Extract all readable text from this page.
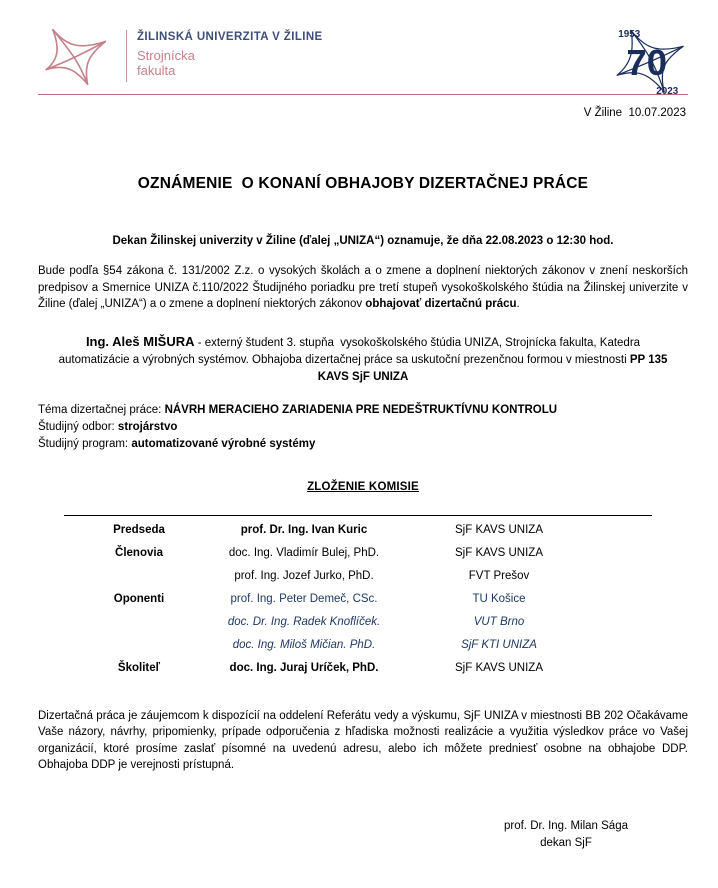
ŽILINSKÁ UNIVERZITA V ŽILINE
Strojnícka
fakulta
1953
70
2023
V Žiline  10.07.2023
OZNÁMENIE  O KONANÍ OBHAJOBY DIZERTAČNEJ PRÁCE
Dekan Žilinskej univerzity v Žiline (ďalej „UNIZA“) oznamuje, že dňa 22.08.2023 o 12:30 hod.

Bude podľa §54 zákona č. 131/2002 Z.z. o vysokých školách a o zmene a doplnení niektorých zákonov v znení neskorších predpisov a Smernice UNIZA č.110/2022 Študijného poriadku pre tretí stupeň vysokoškolského štúdia na Žilinskej univerzite v Žiline (ďalej „UNIZA“) a o zmene a doplnení niektorých zákonov obhajovať dizertačnú prácu.

Ing. Aleš MIŠURA - externý študent 3. stupňa  vysokoškolského štúdia UNIZA, Strojnícka fakulta, Katedra automatizácie a výrobných systémov. Obhajoba dizertačnej práce sa uskutoční prezenčnou formou v miestnosti PP 135 KAVS SjF UNIZA

Téma dizertačnej práce: NÁVRH MERACIEHO ZARIADENIA PRE NEDEŠTRUKTÍVNU KONTROLU
Študijný odbor: strojárstvo
Študijný program: automatizované výrobné systémy
ZLOŽENIE KOMISIE
Predseda	prof. Dr. Ing. Ivan Kuric	SjF KAVS UNIZA
Členovia	doc. Ing. Vladimír Bulej, PhD.	SjF KAVS UNIZA
prof. Ing. Jozef Jurko, PhD.	FVT Prešov
Oponenti	prof. Ing. Peter Demeč, CSc.	TU Košice
doc. Dr. Ing. Radek Knoflíček.	VUT Brno
doc. Ing. Miloš Mičian. PhD.	SjF KTI UNIZA
Školiteľ	doc. Ing. Juraj Uríček, PhD.	SjF KAVS UNIZA

Dizertačná práca je záujemcom k dispozícií na oddelení Referátu vedy a výskumu, SjF UNIZA v miestnosti BB 202 Očakávame Vaše názory, návrhy, pripomienky, prípade odporučenia z hľadiska možnosti realizácie a využitia výsledkov práce vo Vašej organizácií, ktoré prosíme zaslať písomné na uvedenú adresu, alebo ich môžete predniesť osobne na obhajobe DDP. Obhajoba DDP je verejnosti prístupná.

prof. Dr. Ing. Milan Sága
dekan SjF
